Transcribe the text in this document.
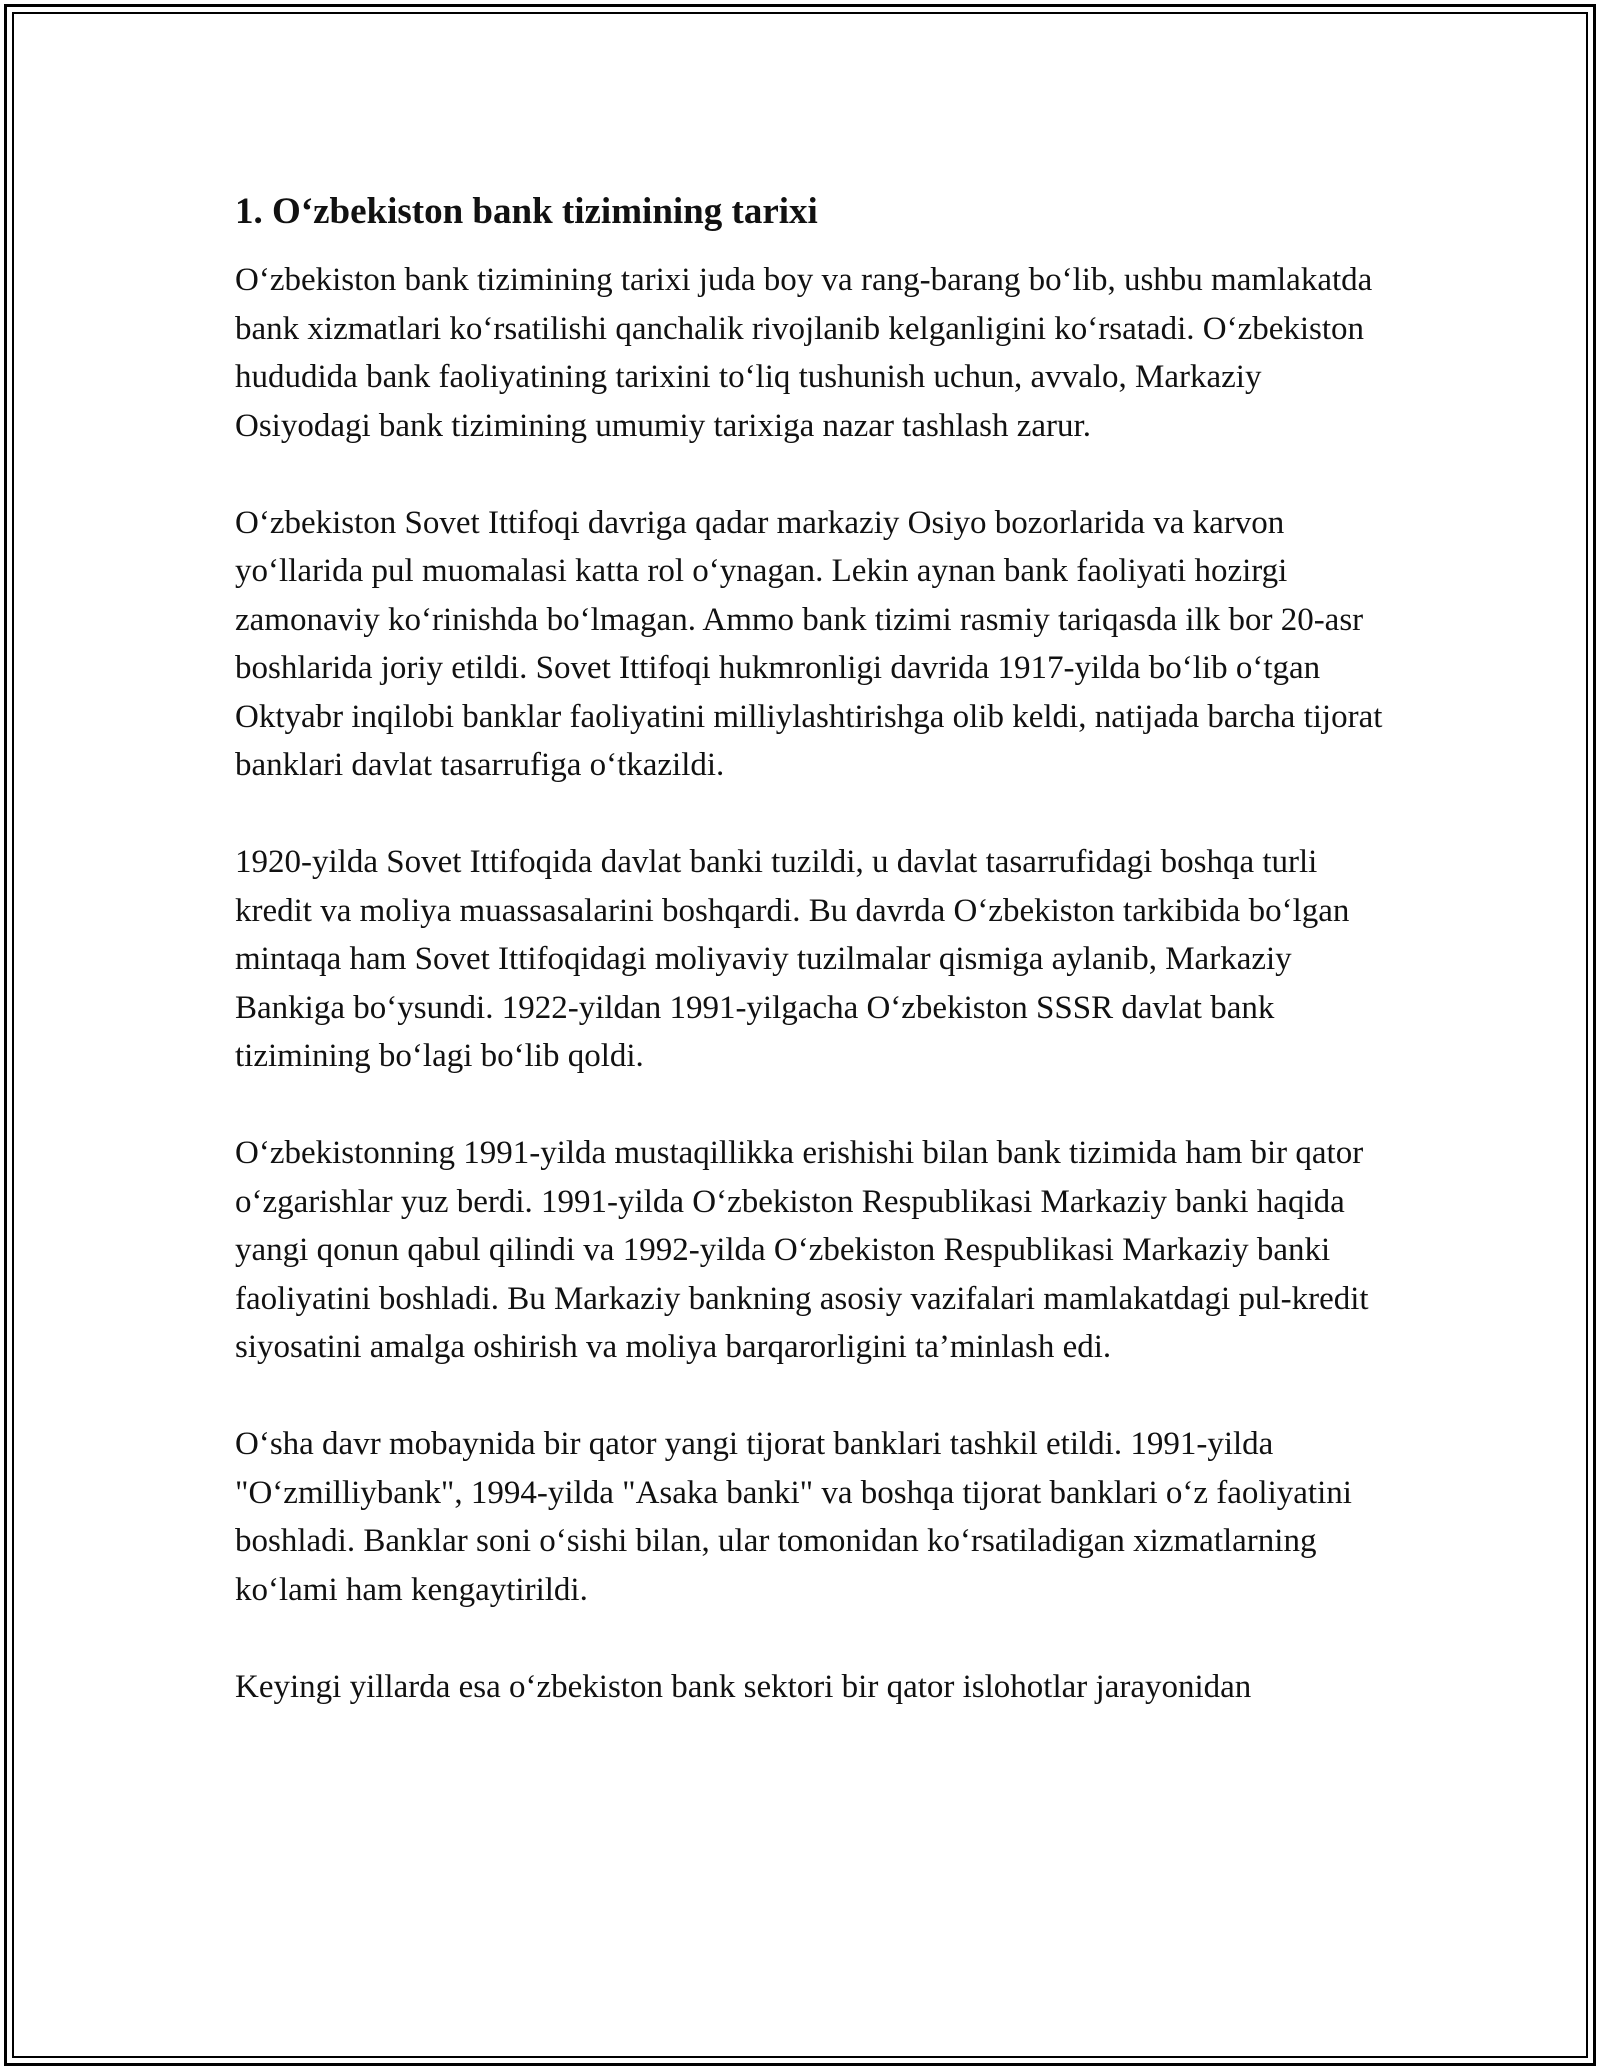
1. Oʻzbekiston bank tizimining tarixi

Oʻzbekiston bank tizimining tarixi juda boy va rang-barang boʻlib, ushbu mamlakatda bank xizmatlari koʻrsatilishi qanchalik rivojlanib kelganligini koʻrsatadi. Oʻzbekiston hududida bank faoliyatining tarixini toʻliq tushunish uchun, avvalo, Markaziy Osiyodagi bank tizimining umumiy tarixiga nazar tashlash zarur.

Oʻzbekiston Sovet Ittifoqi davriga qadar markaziy Osiyo bozorlarida va karvon yoʻllarida pul muomalasi katta rol oʻynagan. Lekin aynan bank faoliyati hozirgi zamonaviy koʻrinishda boʻlmagan. Ammo bank tizimi rasmiy tariqasda ilk bor 20-asr boshlarida joriy etildi. Sovet Ittifoqi hukmronligi davrida 1917-yilda boʻlib oʻtgan Oktyabr inqilobi banklar faoliyatini milliylashtirishga olib keldi, natijada barcha tijorat banklari davlat tasarrufiga oʻtkazildi.

1920-yilda Sovet Ittifoqida davlat banki tuzildi, u davlat tasarrufidagi boshqa turli kredit va moliya muassasalarini boshqardi. Bu davrda Oʻzbekiston tarkibida boʻlgan mintaqa ham Sovet Ittifoqidagi moliyaviy tuzilmalar qismiga aylanib, Markaziy Bankiga boʻysundi. 1922-yildan 1991-yilgacha Oʻzbekiston SSSR davlat bank tizimining boʻlagi boʻlib qoldi.

Oʻzbekistonning 1991-yilda mustaqillikka erishishi bilan bank tizimida ham bir qator oʻzgarishlar yuz berdi. 1991-yilda Oʻzbekiston Respublikasi Markaziy banki haqida yangi qonun qabul qilindi va 1992-yilda Oʻzbekiston Respublikasi Markaziy banki faoliyatini boshladi. Bu Markaziy bankning asosiy vazifalari mamlakatdagi pul-kredit siyosatini amalga oshirish va moliya barqarorligini ta’minlash edi.

Oʻsha davr mobaynida bir qator yangi tijorat banklari tashkil etildi. 1991-yilda "Oʻzmilliybank", 1994-yilda "Asaka banki" va boshqa tijorat banklari oʻz faoliyatini boshladi. Banklar soni oʻsishi bilan, ular tomonidan koʻrsatiladigan xizmatlarning koʻlami ham kengaytirildi.

Keyingi yillarda esa oʻzbekiston bank sektori bir qator islohotlar jarayonidan
